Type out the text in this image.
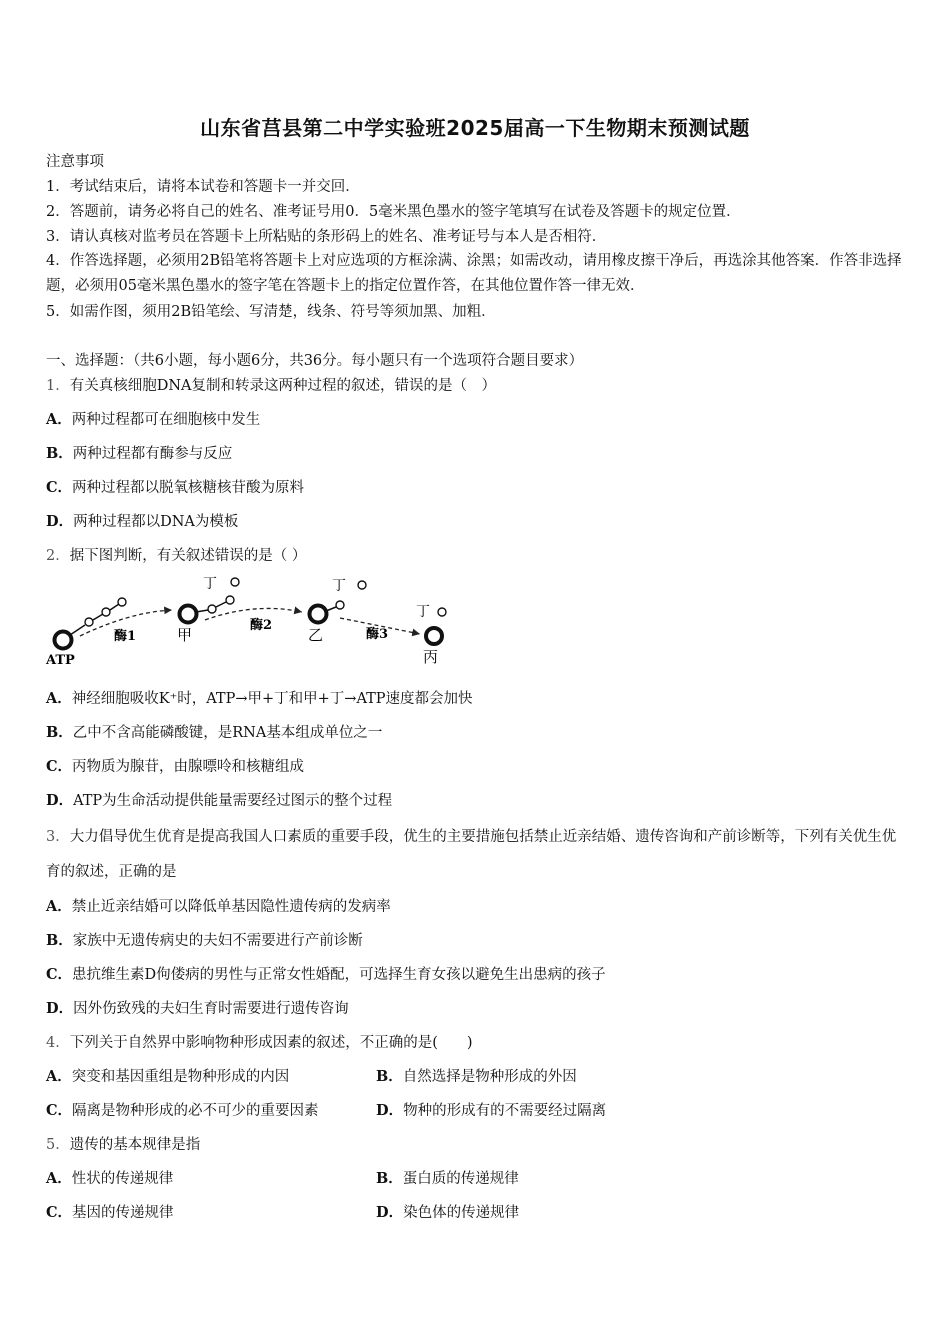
山东省莒县第二中学实验班2025届高一下生物期末预测试题
注意事项
1．考试结束后，请将本试卷和答题卡一并交回．
2．答题前，请务必将自己的姓名、准考证号用0．5毫米黑色墨水的签字笔填写在试卷及答题卡的规定位置．
3．请认真核对监考员在答题卡上所粘贴的条形码上的姓名、准考证号与本人是否相符．
4．作答选择题，必须用2B铅笔将答题卡上对应选项的方框涂满、涂黑；如需改动，请用橡皮擦干净后，再选涂其他答案．作答非选择题，必须用05毫米黑色墨水的签字笔在答题卡上的指定位置作答，在其他位置作答一律无效．
5．如需作图，须用2B铅笔绘、写清楚，线条、符号等须加黑、加粗．
一、选择题：（共6小题，每小题6分，共36分。每小题只有一个选项符合题目要求）
1．有关真核细胞DNA复制和转录这两种过程的叙述，错误的是（　）
A．两种过程都可在细胞核中发生
B．两种过程都有酶参与反应
C．两种过程都以脱氧核糖核苷酸为原料
D．两种过程都以DNA为模板
2．据下图判断，有关叙述错误的是（ ）
ATP
酶1	甲
丁
酶2
乙
丁
酶3
丙
丁
A．神经细胞吸收K⁺时，ATP→甲+丁和甲+丁→ATP速度都会加快
B．乙中不含高能磷酸键，是RNA基本组成单位之一
C．丙物质为腺苷，由腺嘌呤和核糖组成
D．ATP为生命活动提供能量需要经过图示的整个过程
3．大力倡导优生优育是提高我国人口素质的重要手段，优生的主要措施包括禁止近亲结婚、遗传咨询和产前诊断等，下列有关优生优育的叙述，正确的是
A．禁止近亲结婚可以降低单基因隐性遗传病的发病率
B．家族中无遗传病史的夫妇不需要进行产前诊断
C．患抗维生素D佝偻病的男性与正常女性婚配，可选择生育女孩以避免生出患病的孩子
D．因外伤致残的夫妇生育时需要进行遗传咨询
4．下列关于自然界中影响物种形成因素的叙述，不正确的是(　　)
A．突变和基因重组是物种形成的内因	B．自然选择是物种形成的外因
C．隔离是物种形成的必不可少的重要因素	D．物种的形成有的不需要经过隔离
5．遗传的基本规律是指
A．性状的传递规律	B．蛋白质的传递规律
C．基因的传递规律	D．染色体的传递规律
